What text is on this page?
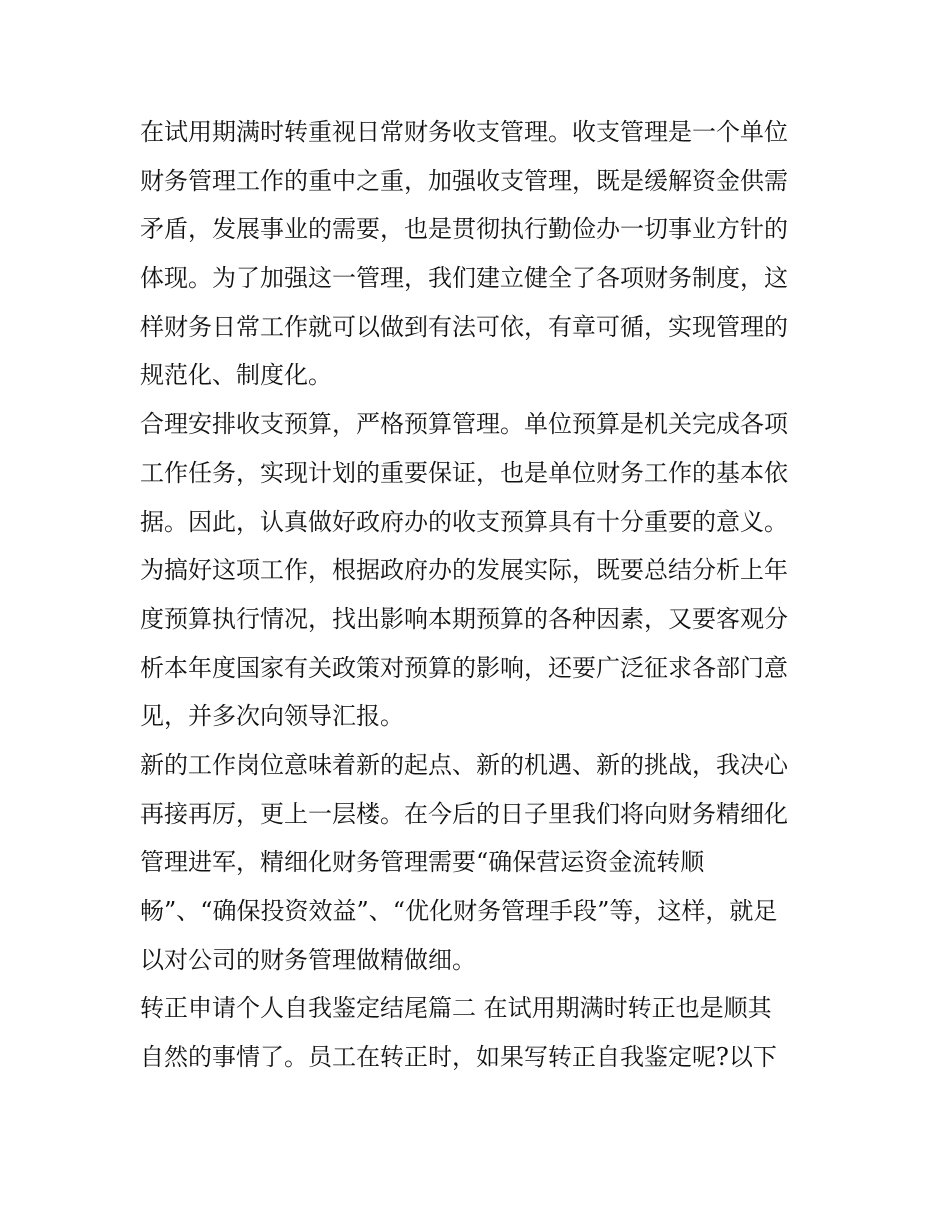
在试用期满时转重视日常财务收支管理。收支管理是一个单位
财务管理工作的重中之重，加强收支管理，既是缓解资金供需
矛盾，发展事业的需要，也是贯彻执行勤俭办一切事业方针的
体现。为了加强这一管理，我们建立健全了各项财务制度，这
样财务日常工作就可以做到有法可依，有章可循，实现管理的
规范化、制度化。
合理安排收支预算，严格预算管理。单位预算是机关完成各项
工作任务，实现计划的重要保证，也是单位财务工作的基本依
据。因此，认真做好政府办的收支预算具有十分重要的意义。
为搞好这项工作，根据政府办的发展实际，既要总结分析上年
度预算执行情况，找出影响本期预算的各种因素，又要客观分
析本年度国家有关政策对预算的影响，还要广泛征求各部门意
见，并多次向领导汇报。
新的工作岗位意味着新的起点、新的机遇、新的挑战，我决心
再接再厉，更上一层楼。在今后的日子里我们将向财务精细化
管理进军，精细化财务管理需要“确保营运资金流转顺
畅”、“确保投资效益”、“优化财务管理手段”等，这样，就足
以对公司的财务管理做精做细。
转正申请个人自我鉴定结尾篇二 在试用期满时转正也是顺其
自然的事情了。员工在转正时，如果写转正自我鉴定呢?以下
